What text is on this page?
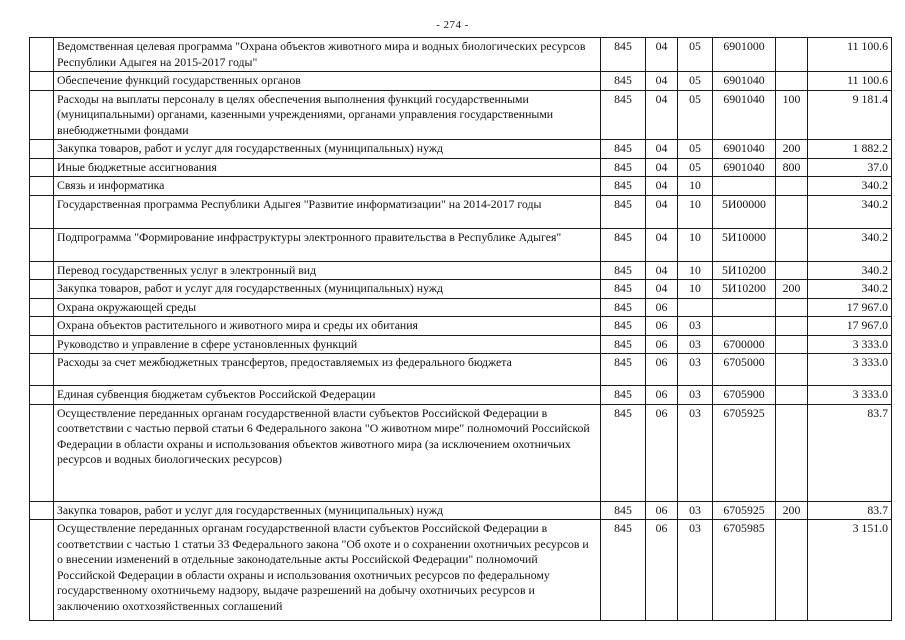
- 274 -
	Ведомственная целевая программа "Охрана объектов животного мира и водных биологических ресурсов Республики Адыгея на 2015-2017 годы"	845	04	05	6901000		11 100.6
	Обеспечение функций государственных органов	845	04	05	6901040		11 100.6
	Расходы на выплаты персоналу в целях обеспечения выполнения функций государственными (муниципальными) органами, казенными учреждениями, органами управления государственными внебюджетными фондами	845	04	05	6901040	100	9 181.4
	Закупка товаров, работ и услуг для государственных (муниципальных) нужд	845	04	05	6901040	200	1 882.2
	Иные бюджетные ассигнования	845	04	05	6901040	800	37.0
	Связь и информатика	845	04	10			340.2
	Государственная программа Республики Адыгея "Развитие информатизации" на 2014-2017 годы	845	04	10	5И00000		340.2
	Подпрограмма "Формирование инфраструктуры электронного правительства в Республике Адыгея"	845	04	10	5И10000		340.2
	Перевод государственных услуг в электронный вид	845	04	10	5И10200		340.2
	Закупка товаров, работ и услуг для государственных (муниципальных) нужд	845	04	10	5И10200	200	340.2
	Охрана окружающей среды	845	06				17 967.0
	Охрана объектов растительного и животного мира и среды их обитания	845	06	03			17 967.0
	Руководство и управление в сфере установленных функций	845	06	03	6700000		3 333.0
	Расходы за счет межбюджетных трансфертов, предоставляемых из федерального бюджета	845	06	03	6705000		3 333.0
	Единая субвенция бюджетам субъектов Российской Федерации	845	06	03	6705900		3 333.0
	Осуществление переданных органам государственной власти субъектов Российской Федерации в соответствии с частью первой статьи 6 Федерального закона "О животном мире" полномочий Российской Федерации в области охраны и использования объектов животного мира (за исключением охотничьих ресурсов и водных биологических ресурсов)	845	06	03	6705925		83.7
	Закупка товаров, работ и услуг для государственных (муниципальных) нужд	845	06	03	6705925	200	83.7
	Осуществление переданных органам государственной власти субъектов Российской Федерации в соответствии с частью 1 статьи 33 Федерального закона "Об охоте и о сохранении охотничьих ресурсов и о внесении изменений в отдельные законодательные акты Российской Федерации" полномочий Российской Федерации в области охраны и использования охотничьих ресурсов по федеральному государственному охотничьему надзору, выдаче разрешений на добычу охотничьих ресурсов и заключению охотхозяйственных соглашений	845	06	03	6705985		3 151.0
